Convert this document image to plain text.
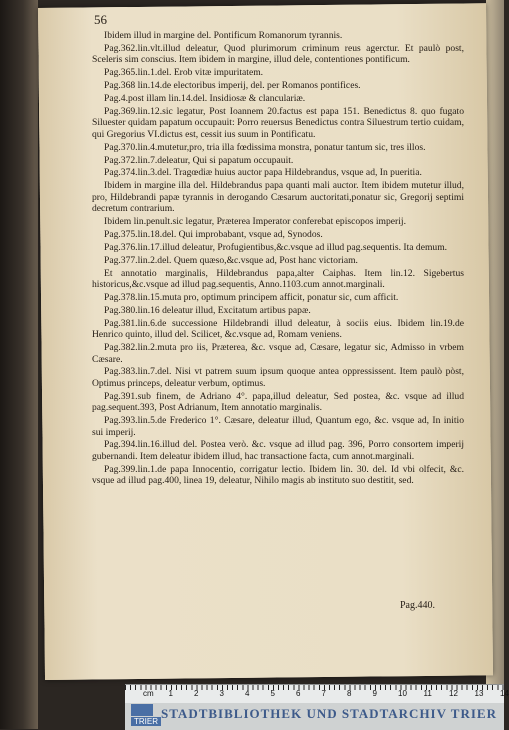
56
Ibidem illud in margine del. Pontificum Romanorum tyrannis.
Pag.362.lin.vlt.illud deleatur, Quod plurimorum criminum reus agerctur. Et paulò post, Sceleris sim conscius. Item ibidem in margine, illud dele, contentiones pontificum.
Pag.365.lin.1.del. Erob vitæ impuritatem.
Pag.368 lin.14.de electoribus imperij, del. per Romanos pontifices.
Pag.4.post illam lin.14.del. Insidiosæ & clanculariæ.
Pag.369.lin.12.sic legatur, Post Ioannem 20.factus est papa 151. Benedictus 8. quo fugato Siluester quidam papatum occupauit: Porro reuersus Benedictus contra Siluestrum tertio cuidam, qui Gregorius VI.dictus est, cessit ius suum in Pontificatu.
Pag.370.lin.4.mutetur,pro, tria illa fœdissima monstra, ponatur tantum sic, tres illos.
Pag.372.lin.7.deleatur, Qui si papatum occupauit.
Pag.374.lin.3.del. Tragœdiæ huius auctor papa Hildebrandus, vsque ad, In pueritia.
Ibidem in margine illa del. Hildebrandus papa quanti mali auctor. Item ibidem mutetur illud, pro, Hildebrandi papæ tyrannis in derogando Cæsarum auctoritati,ponatur sic, Gregorij septimi decretum contrarium.
Ibidem lin.penult.sic legatur, Præterea Imperator conferebat episcopos imperij.
Pag.375.lin.18.del. Qui improbabant, vsque ad, Synodos.
Pag.376.lin.17.illud deleatur, Profugientibus,&c.vsque ad illud pag.sequentis. Ita demum.
Pag.377.lin.2.del. Quem quæso,&c.vsque ad, Post hanc victoriam.
Et annotatio marginalis, Hildebrandus papa,alter Caiphas. Item lin.12. Sigebertus historicus,&c.vsque ad illud pag.sequentis, Anno.1103.cum annot.marginali.
Pag.378.lin.15.muta pro, optimum principem afficit, ponatur sic, cum afficit.
Pag.380.lin.16 deleatur illud, Excitatum artibus papæ.
Pag.381.lin.6.de successione Hildebrandi illud deleatur, à sociis eius. Ibidem lin.19.de Henrico quinto, illud del. Scilicet, &c.vsque ad, Romam veniens.
Pag.382.lin.2.muta pro iis, Præterea, &c. vsque ad, Cæsare, legatur sic, Admisso in vrbem Cæsare.
Pag.383.lin.7.del. Nisi vt patrem suum ipsum quoque antea oppressissent. Item paulò pòst, Optimus princeps, deleatur verbum, optimus.
Pag.391.sub finem, de Adriano 4°. papa,illud deleatur, Sed postea, &c. vsque ad illud pag.sequent.393, Post Adrianum, Item annotatio marginalis.
Pag.393.lin.5.de Frederico 1°. Cæsare, deleatur illud, Quantum ego, &c. vsque ad, In initio sui imperij.
Pag.394.lin.16.illud del. Postea verò. &c. vsque ad illud pag. 396, Porro consortem imperij gubernandi. Item deleatur ibidem illud, hac transactione facta, cum annot.marginali.
Pag.399.lin.1.de papa Innocentio, corrigatur lectio. Ibidem lin. 30. del. Id vbi olfecit, &c. vsque ad illud pag.400, linea 19, deleatur, Nihilo magis ab instituto suo destitit, sed.
Pag.440.
cm 1	2	3	4	5	6	7	8	9	10 11 12 13 14
TRIER
STADTBIBLIOTHEK UND STADTARCHIV TRIER
